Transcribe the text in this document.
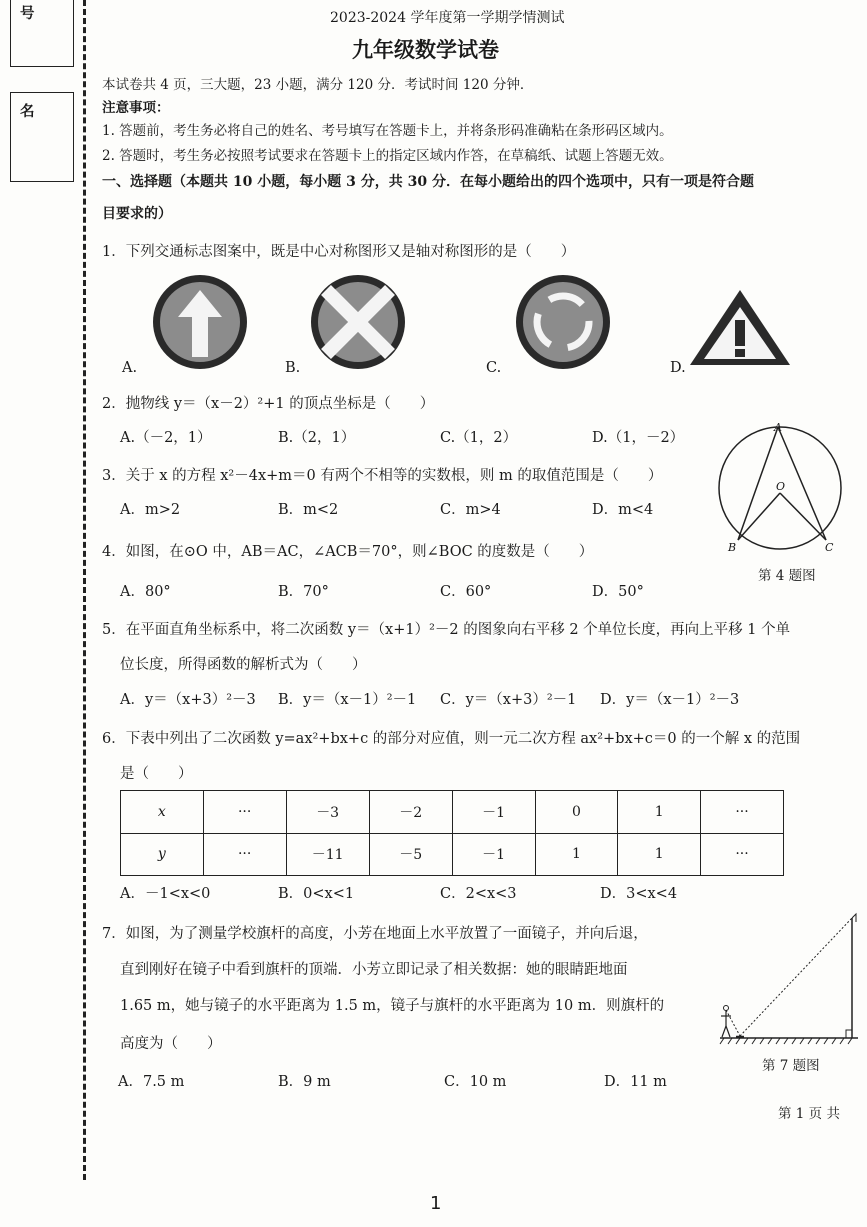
号
名
2023-2024 学年度第一学期学情测试
九年级数学试卷
本试卷共 4 页，三大题，23 小题，满分 120 分．考试时间 120 分钟．
注意事项：
1. 答题前，考生务必将自己的姓名、考号填写在答题卡上，并将条形码准确粘在条形码区域内。
2. 答题时，考生务必按照考试要求在答题卡上的指定区域内作答，在草稿纸、试题上答题无效。
一、选择题（本题共 10 小题，每小题 3 分，共 30 分．在每小题给出的四个选项中，只有一项是符合题
目要求的）
1．下列交通标志图案中，既是中心对称图形又是轴对称图形的是（　　）
A.	B.	C.	D.
2．抛物线 y＝（x－2）²+1 的顶点坐标是（　　）
A.（－2，1）	B.（2，1）	C.（1，2）	D.（1，－2）
3．关于 x 的方程 x²－4x+m＝0 有两个不相等的实数根，则 m 的取值范围是（　　）
A．m>2	B．m<2	C．m>4	D．m<4
A
O
B	C
第 4 题图
4．如图，在⊙O 中，AB＝AC，∠ACB＝70°，则∠BOC 的度数是（　　）
A．80°	B．70°	C．60°	D．50°
5．在平面直角坐标系中，将二次函数 y＝（x+1）²－2 的图象向右平移 2 个单位长度，再向上平移 1 个单
位长度，所得函数的解析式为（　　）
A．y＝（x+3）²－3 B．y＝（x－1）²－1 C．y＝（x+3）²－1 D．y＝（x－1）²－3
6．下表中列出了二次函数 y=ax²+bx+c 的部分对应值，则一元二次方程 ax²+bx+c＝0 的一个解 x 的范围
是（　　）
x	···	－3	－2	－1	0	1	···
y	···	－11	－5	－1	1	1	···
A．－1<x<0	B．0<x<1	C．2<x<3	D．3<x<4
7．如图，为了测量学校旗杆的高度，小芳在地面上水平放置了一面镜子，并向后退，
直到刚好在镜子中看到旗杆的顶端．小芳立即记录了相关数据：她的眼睛距地面
1.65 m，她与镜子的水平距离为 1.5 m，镜子与旗杆的水平距离为 10 m．则旗杆的
高度为（　　）
A．7.5 m	B．9 m	C．10 m	D．11 m
第 7 题图
第 1 页 共
1
